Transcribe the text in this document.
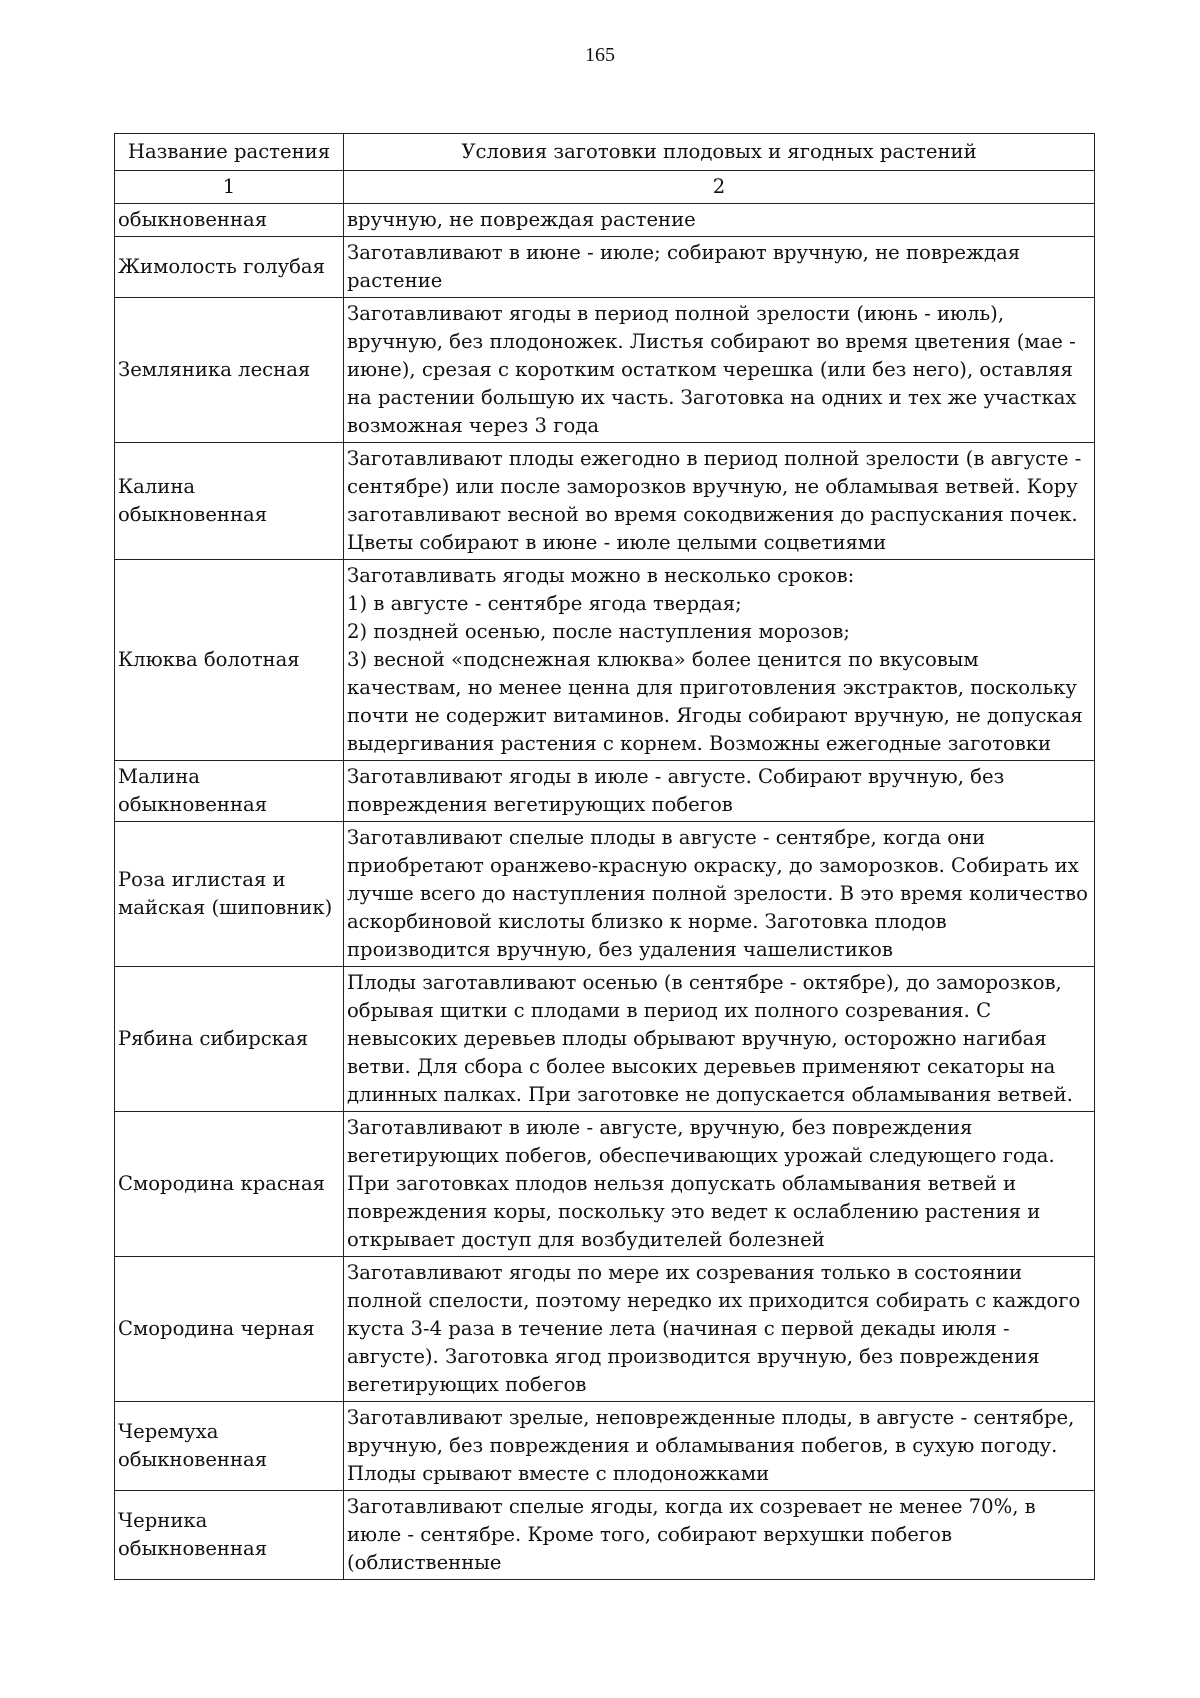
165
Название растения	Условия заготовки плодовых и ягодных растений
1	2
обыкновенная	вручную, не повреждая растение

Жимолость голубая	Заготавливают в июне - июле; собирают вручную, не повреждая растение

Земляника лесная	Заготавливают ягоды в период полной зрелости (июнь - июль), вручную, без плодоножек. Листья собирают во время цветения (мае - июне), срезая с коротким остатком черешка (или без него), оставляя на растении большую их часть. Заготовка на одних и тех же участках возможная через 3 года

Калина обыкновенная	Заготавливают плоды ежегодно в период полной зрелости (в августе - сентябре) или после заморозков вручную, не обламывая ветвей. Кору заготавливают весной во время сокодвижения до распускания почек. Цветы собирают в июне - июле целыми соцветиями

Клюква болотная	Заготавливать ягоды можно в несколько сроков:
1) в августе - сентябре ягода твердая;
2) поздней осенью, после наступления морозов;
3) весной «подснежная клюква» более ценится по вкусовым качествам, но менее ценна для приготовления экстрактов, поскольку почти не содержит витаминов. Ягоды собирают вручную, не допуская выдергивания растения с корнем. Возможны ежегодные заготовки

Малина обыкновенная	Заготавливают ягоды в июле - августе. Собирают вручную, без повреждения вегетирующих побегов

Роза иглистая и майская (шиповник)	Заготавливают спелые плоды в августе - сентябре, когда они приобретают оранжево-красную окраску, до заморозков. Собирать их лучше всего до наступления полной зрелости. В это время количество аскорбиновой кислоты близко к норме. Заготовка плодов производится вручную, без удаления чашелистиков

Рябина сибирская	Плоды заготавливают осенью (в сентябре - октябре), до заморозков, обрывая щитки с плодами в период их полного созревания. С невысоких деревьев плоды обрывают вручную, осторожно нагибая ветви. Для сбора с более высоких деревьев применяют секаторы на длинных палках. При заготовке не допускается обламывания ветвей.

Смородина красная	Заготавливают в июле - августе, вручную, без повреждения вегетирующих побегов, обеспечивающих урожай следующего года. При заготовках плодов нельзя допускать обламывания ветвей и повреждения коры, поскольку это ведет к ослаблению растения и открывает доступ для возбудителей болезней

Смородина черная	Заготавливают ягоды по мере их созревания только в состоянии полной спелости, поэтому нередко их приходится собирать с каждого куста 3-4 раза в течение лета (начиная с первой декады июля - августе). Заготовка ягод производится вручную, без повреждения вегетирующих побегов

Черемуха обыкновенная	Заготавливают зрелые, неповрежденные плоды, в августе - сентябре, вручную, без повреждения и обламывания побегов, в сухую погоду. Плоды срывают вместе с плодоножками

Черника обыкновенная	Заготавливают спелые ягоды, когда их созревает не менее 70%, в июле - сентябре. Кроме того, собирают верхушки побегов (облиственные
